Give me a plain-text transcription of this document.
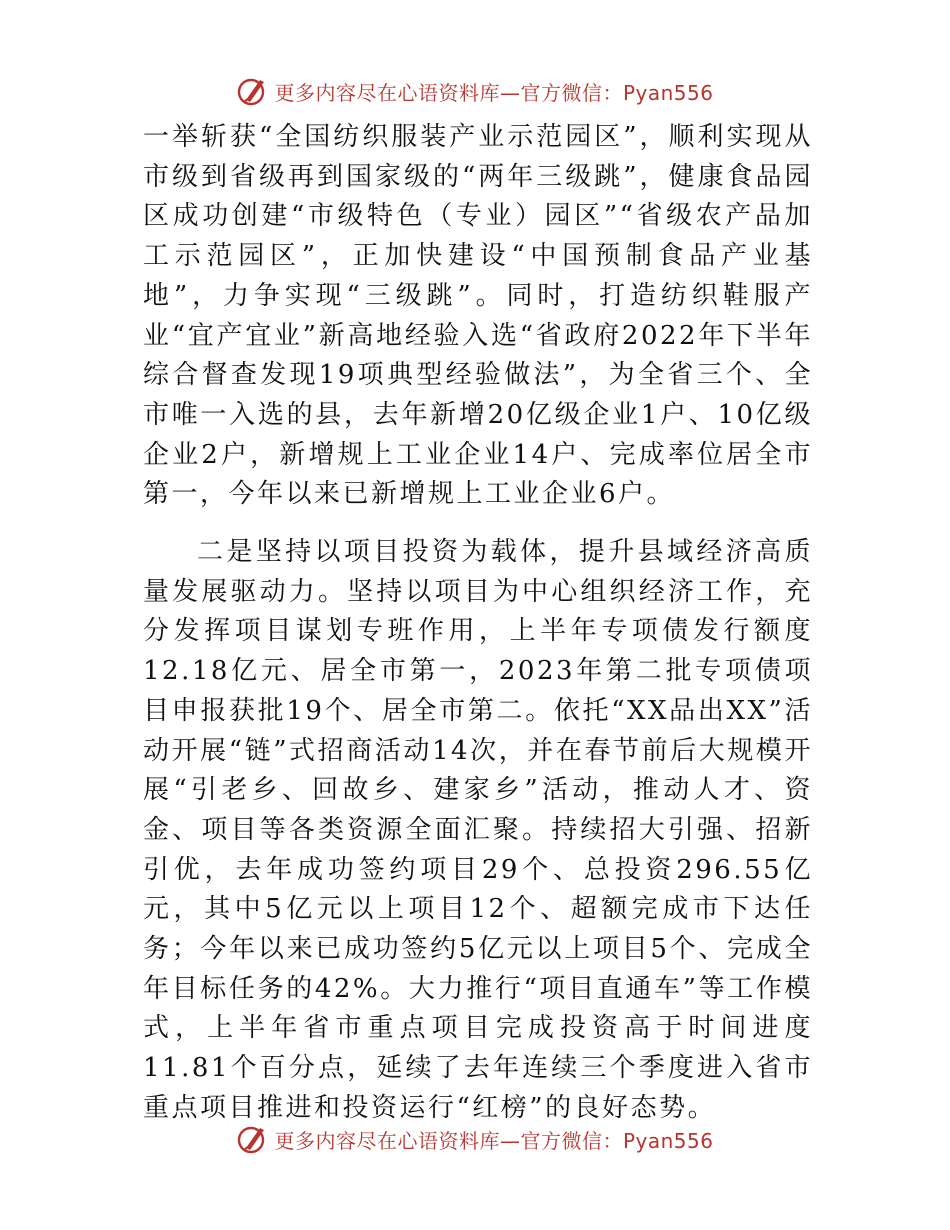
更多内容尽在心语资料库—官方微信：Pyan556

一举斩获“全国纺织服装产业示范园区”，顺利实现从市级到省级再到国家级的“两年三级跳”，健康食品园区成功创建“市级特色（专业）园区”“省级农产品加工示范园区”，正加快建设“中国预制食品产业基地”，力争实现“三级跳”。同时，打造纺织鞋服产业“宜产宜业”新高地经验入选“省政府2022年下半年综合督查发现19项典型经验做法”，为全省三个、全市唯一入选的县，去年新增20亿级企业1户、10亿级企业2户，新增规上工业企业14户、完成率位居全市第一，今年以来已新增规上工业企业6户。

二是坚持以项目投资为载体，提升县域经济高质量发展驱动力。坚持以项目为中心组织经济工作，充分发挥项目谋划专班作用，上半年专项债发行额度12.18亿元、居全市第一，2023年第二批专项债项目申报获批19个、居全市第二。依托“XX品出XX”活动开展“链”式招商活动14次，并在春节前后大规模开展“引老乡、回故乡、建家乡”活动，推动人才、资金、项目等各类资源全面汇聚。持续招大引强、招新引优，去年成功签约项目29个、总投资296.55亿元，其中5亿元以上项目12个、超额完成市下达任务；今年以来已成功签约5亿元以上项目5个、完成全年目标任务的42%。大力推行“项目直通车”等工作模式，上半年省市重点项目完成投资高于时间进度11.81个百分点，延续了去年连续三个季度进入省市重点项目推进和投资运行“红榜”的良好态势。

更多内容尽在心语资料库—官方微信：Pyan556
